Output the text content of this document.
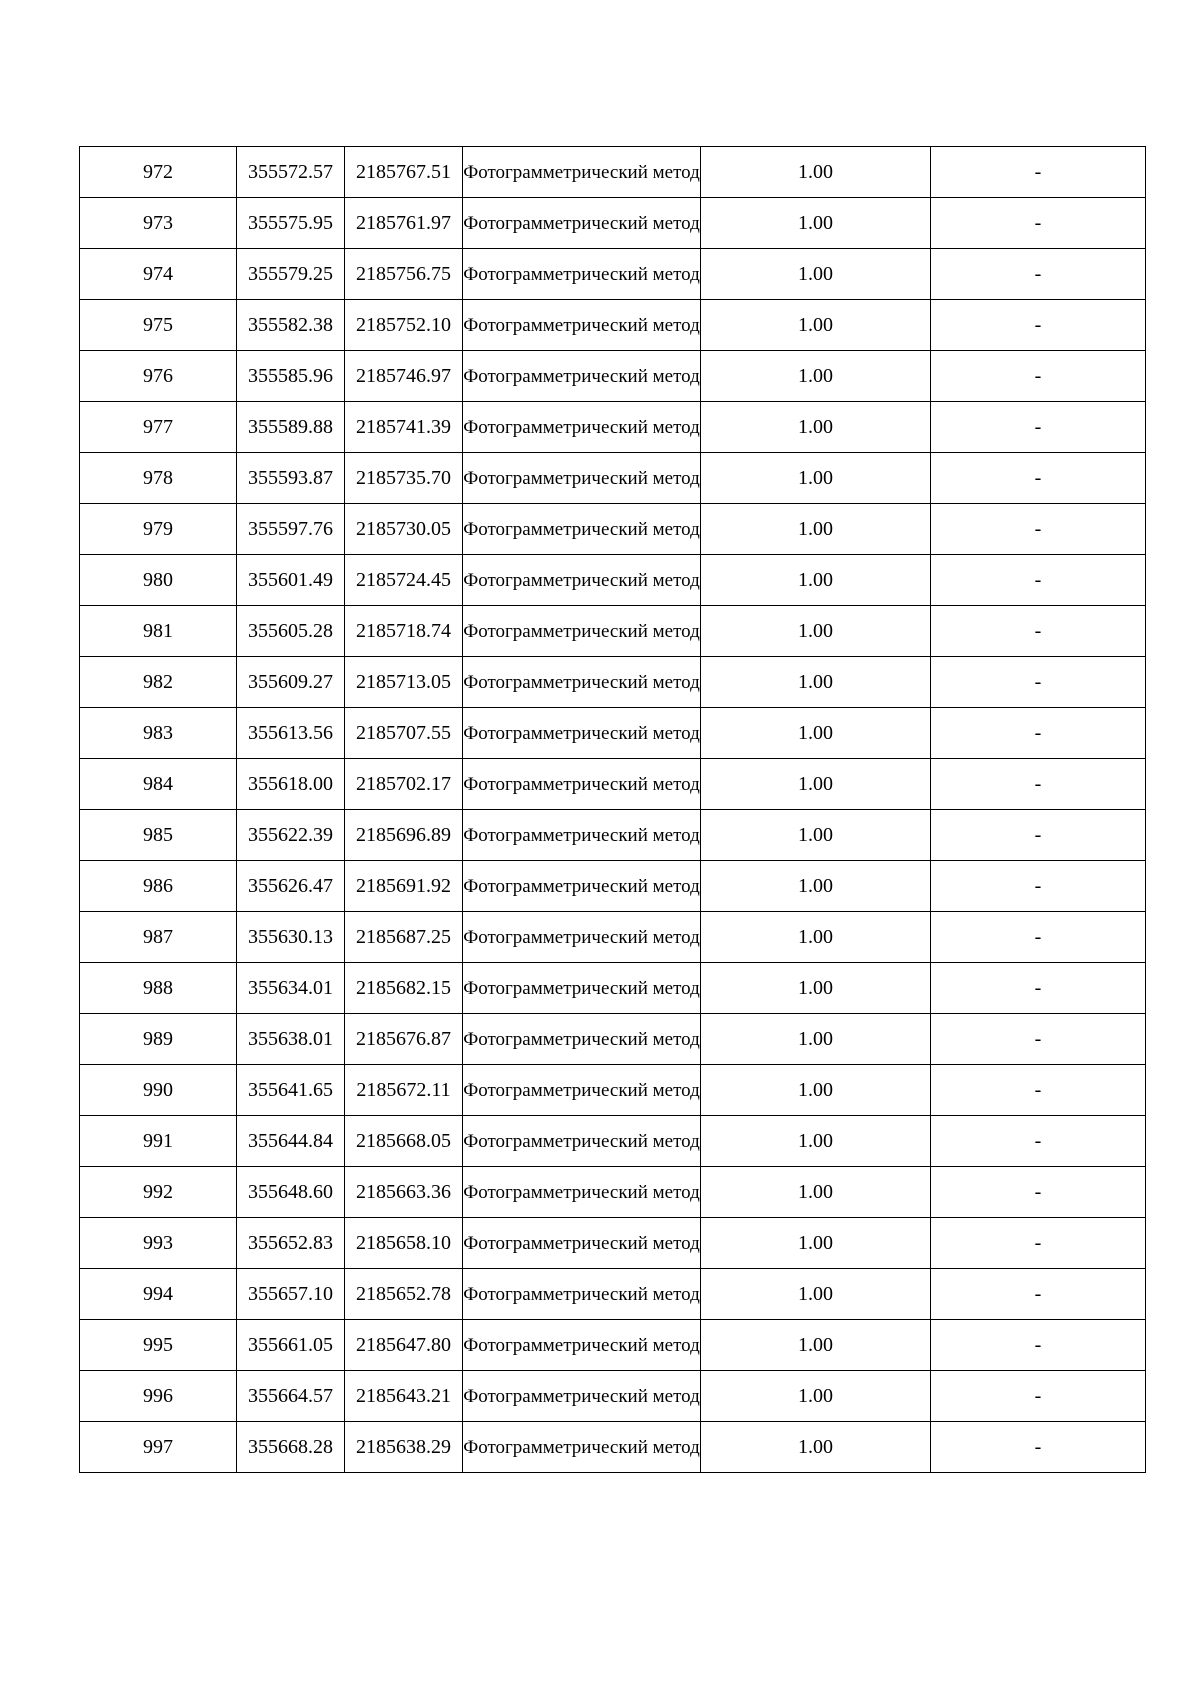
972	355572.57	2185767.51	Фотограмметрический метод	1.00	-
973	355575.95	2185761.97	Фотограмметрический метод	1.00	-
974	355579.25	2185756.75	Фотограмметрический метод	1.00	-
975	355582.38	2185752.10	Фотограмметрический метод	1.00	-
976	355585.96	2185746.97	Фотограмметрический метод	1.00	-
977	355589.88	2185741.39	Фотограмметрический метод	1.00	-
978	355593.87	2185735.70	Фотограмметрический метод	1.00	-
979	355597.76	2185730.05	Фотограмметрический метод	1.00	-
980	355601.49	2185724.45	Фотограмметрический метод	1.00	-
981	355605.28	2185718.74	Фотограмметрический метод	1.00	-
982	355609.27	2185713.05	Фотограмметрический метод	1.00	-
983	355613.56	2185707.55	Фотограмметрический метод	1.00	-
984	355618.00	2185702.17	Фотограмметрический метод	1.00	-
985	355622.39	2185696.89	Фотограмметрический метод	1.00	-
986	355626.47	2185691.92	Фотограмметрический метод	1.00	-
987	355630.13	2185687.25	Фотограмметрический метод	1.00	-
988	355634.01	2185682.15	Фотограмметрический метод	1.00	-
989	355638.01	2185676.87	Фотограмметрический метод	1.00	-
990	355641.65	2185672.11	Фотограмметрический метод	1.00	-
991	355644.84	2185668.05	Фотограмметрический метод	1.00	-
992	355648.60	2185663.36	Фотограмметрический метод	1.00	-
993	355652.83	2185658.10	Фотограмметрический метод	1.00	-
994	355657.10	2185652.78	Фотограмметрический метод	1.00	-
995	355661.05	2185647.80	Фотограмметрический метод	1.00	-
996	355664.57	2185643.21	Фотограмметрический метод	1.00	-
997	355668.28	2185638.29	Фотограмметрический метод	1.00	-
